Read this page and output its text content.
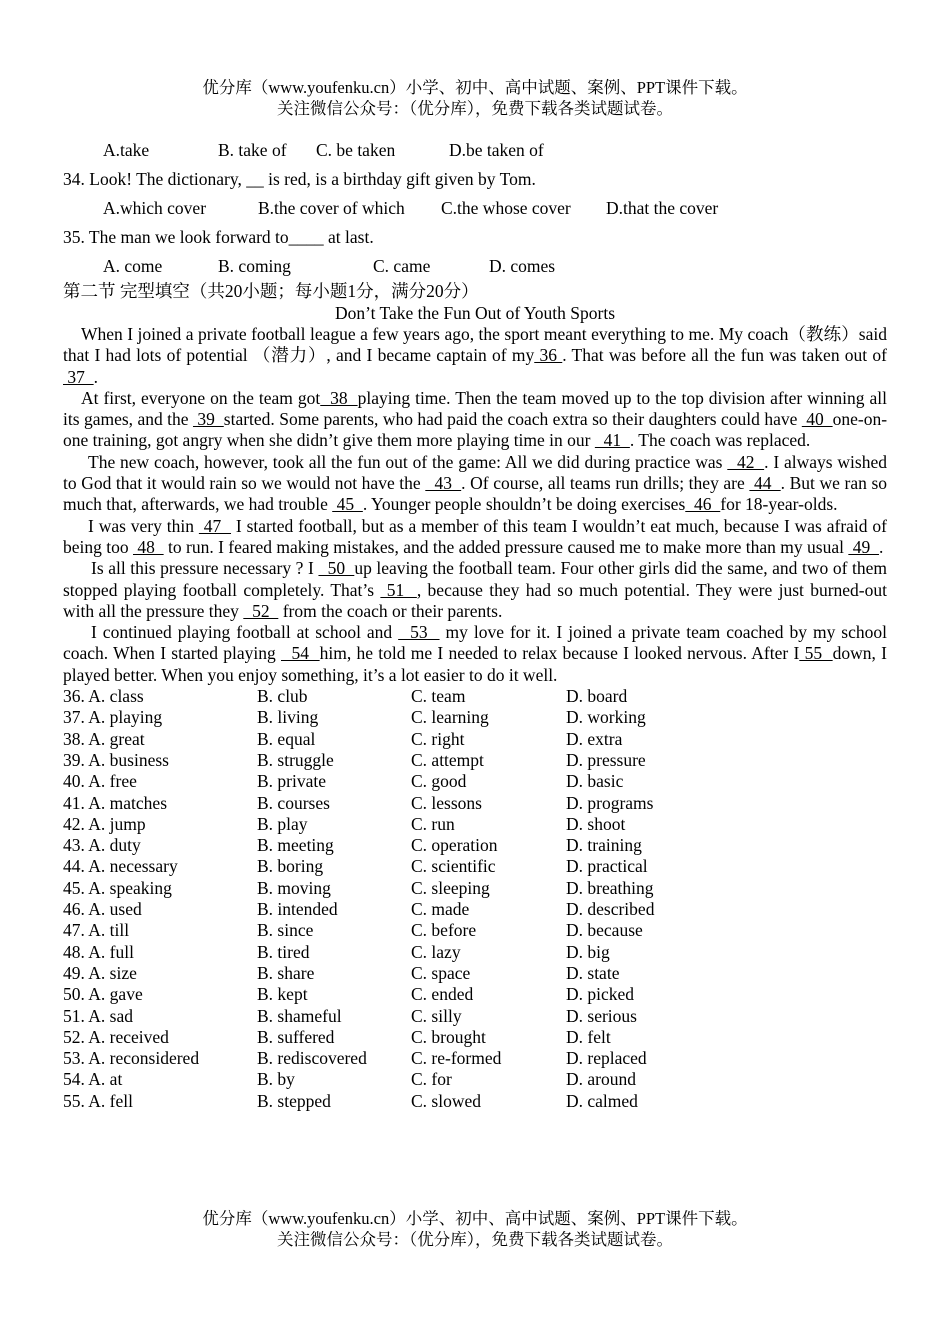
优分库（www.youfenku.cn）小学、初中、高中试题、案例、PPT课件下载。
关注微信公众号：（优分库），免费下载各类试题试卷。
A.take	B. take of	C. be taken	D.be taken of
34. Look! The dictionary, __ is red, is a birthday gift given by Tom.
A.which cover	B.the cover of which	C.the whose cover	D.that the cover
35. The man we look forward to____ at last.
A. come	B. coming	C. came	D. comes
第二节 完型填空（共20小题；每小题1分，满分20分）
Don’t Take the Fun Out of Youth Sports

When I joined a private football league a few years ago, the sport meant everything to me. My coach（教练）said that I had lots of potential （潜力）, and I became captain of my 36 . That was before all the fun was taken out of  37  .

At first, everyone on the team got  38  playing time. Then the team moved up to the top division after winning all its games, and the  39  started. Some parents, who had paid the coach extra so their daughters could have  40  one-on-one training, got angry when she didn’t give them more playing time in our   41  . The coach was replaced.

The new coach, however, took all the fun out of the game: All we did during practice was   42  . I always wished to God that it would rain so we would not have the   43  . Of course, all teams run drills; they are  44  . But we ran so much that, afterwards, we had trouble  45  . Younger people shouldn’t be doing exercises  46  for 18-year-olds.

I was very thin  47   I started football, but as a member of this team I wouldn’t eat much, because I was afraid of being too  48   to run. I feared making mistakes, and the added pressure caused me to make more than my usual  49  .

Is all this pressure necessary ? I   50  up leaving the football team. Four other girls did the same, and two of them stopped playing football completely. That’s  51  , because they had so much potential. They were just burned-out with all the pressure they   52   from the coach or their parents.

I continued playing football at school and   53   my love for it. I joined a private team coached by my school coach. When I started playing   54  him, he told me I needed to relax because I looked nervous. After I 55  down, I played better. When you enjoy something, it’s a lot easier to do it well.

36. A. class	B. club	C. team	D. board
37. A. playing	B. living	C. learning	D. working
38. A. great	B. equal	C. right	D. extra
39. A. business	B. struggle	C. attempt	D. pressure
40. A. free	B. private	C. good	D. basic
41. A. matches	B. courses	C. lessons	D. programs
42. A. jump	B. play	C. run	D. shoot
43. A. duty	B. meeting	C. operation	D. training
44. A. necessary	B. boring	C. scientific	D. practical
45. A. speaking	B. moving	C. sleeping	D. breathing
46. A. used	B. intended	C. made	D. described
47. A. till	B. since	C. before	D. because
48. A. full	B. tired	C. lazy	D. big
49. A. size	B. share	C. space	D. state
50. A. gave	B. kept	C. ended	D. picked
51. A. sad	B. shameful	C. silly	D. serious
52. A. received	B. suffered	C. brought	D. felt
53. A. reconsidered	B. rediscovered	C. re-formed	D. replaced
54. A. at	B. by	C. for	D. around
55. A. fell	B. stepped	C. slowed	D. calmed
优分库（www.youfenku.cn）小学、初中、高中试题、案例、PPT课件下载。
关注微信公众号：（优分库），免费下载各类试题试卷。
